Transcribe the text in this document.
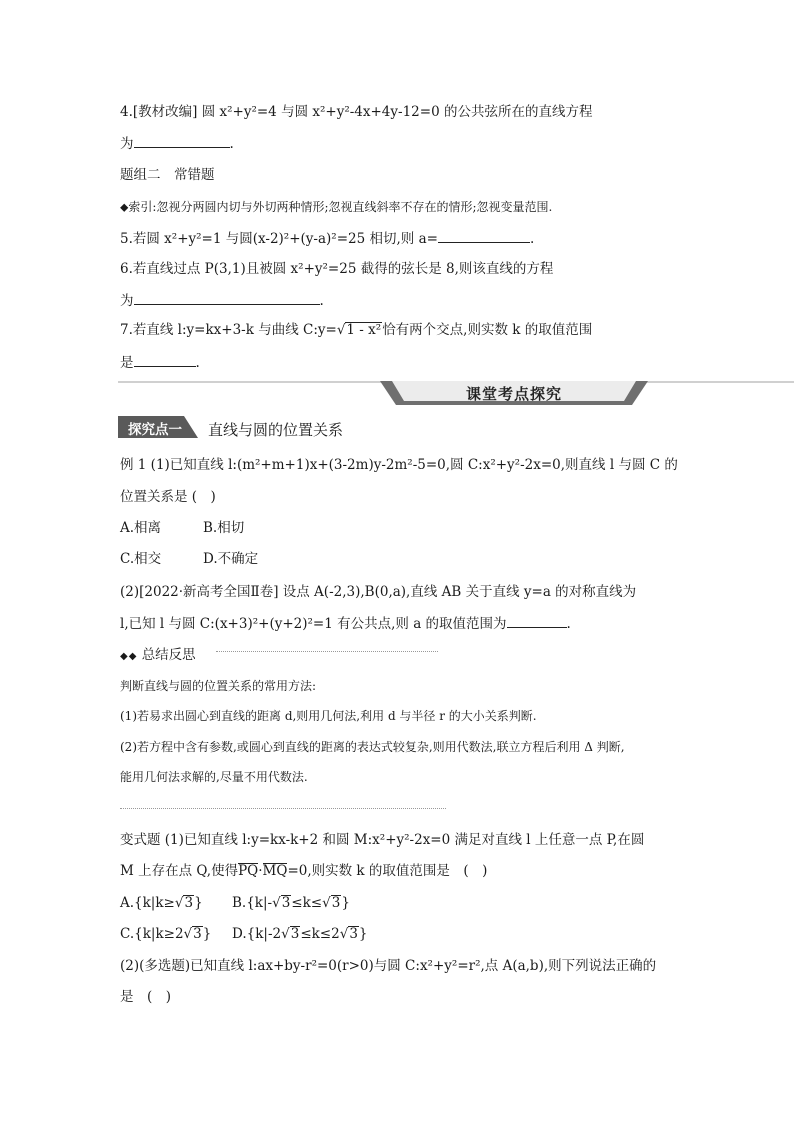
4.[教材改编] 圆 x²+y²=4 与圆 x²+y²-4x+4y-12=0 的公共弦所在的直线方程
为	.
题组二　常错题
⬥索引:忽视分两圆内切与外切两种情形;忽视直线斜率不存在的情形;忽视变量范围.
5.若圆 x²+y²=1 与圆(x-2)²+(y-a)²=25 相切,则 a=	.
6.若直线过点 P(3,1)且被圆 x²+y²=25 截得的弦长是 8,则该直线的方程
为	.
7.若直线 l:y=kx+3-k 与曲线 C:y=√1 - x²恰有两个交点,则实数 k 的取值范围
是	.
课堂考点探究
探究点一	直线与圆的位置关系
例 1 (1)已知直线 l:(m²+m+1)x+(3-2m)y-2m²-5=0,圆 C:x²+y²-2x=0,则直线 l 与圆 C 的
位置关系是 (　)
A.相离	B.相切
C.相交	D.不确定
(2)[2022·新高考全国Ⅱ卷] 设点 A(-2,3),B(0,a),直线 AB 关于直线 y=a 的对称直线为
l,已知 l 与圆 C:(x+3)²+(y+2)²=1 有公共点,则 a 的取值范围为	.
◆◆ 总结反思
判断直线与圆的位置关系的常用方法:
(1)若易求出圆心到直线的距离 d,则用几何法,利用 d 与半径 r 的大小关系判断.
(2)若方程中含有参数,或圆心到直线的距离的表达式较复杂,则用代数法,联立方程后利用 Δ 判断,
能用几何法求解的,尽量不用代数法.
变式题 (1)已知直线 l:y=kx-k+2 和圆 M:x²+y²-2x=0 满足对直线 l 上任意一点 P,在圆
M 上存在点 Q,使得PQ·MQ=0,则实数 k 的取值范围是　(　)
A.{k|k≥√3} B.{k|-√3≤k≤√3}
C.{k|k≥2√3} D.{k|-2√3≤k≤2√3}
(2)(多选题)已知直线 l:ax+by-r²=0(r>0)与圆 C:x²+y²=r²,点 A(a,b),则下列说法正确的
是　(　)
